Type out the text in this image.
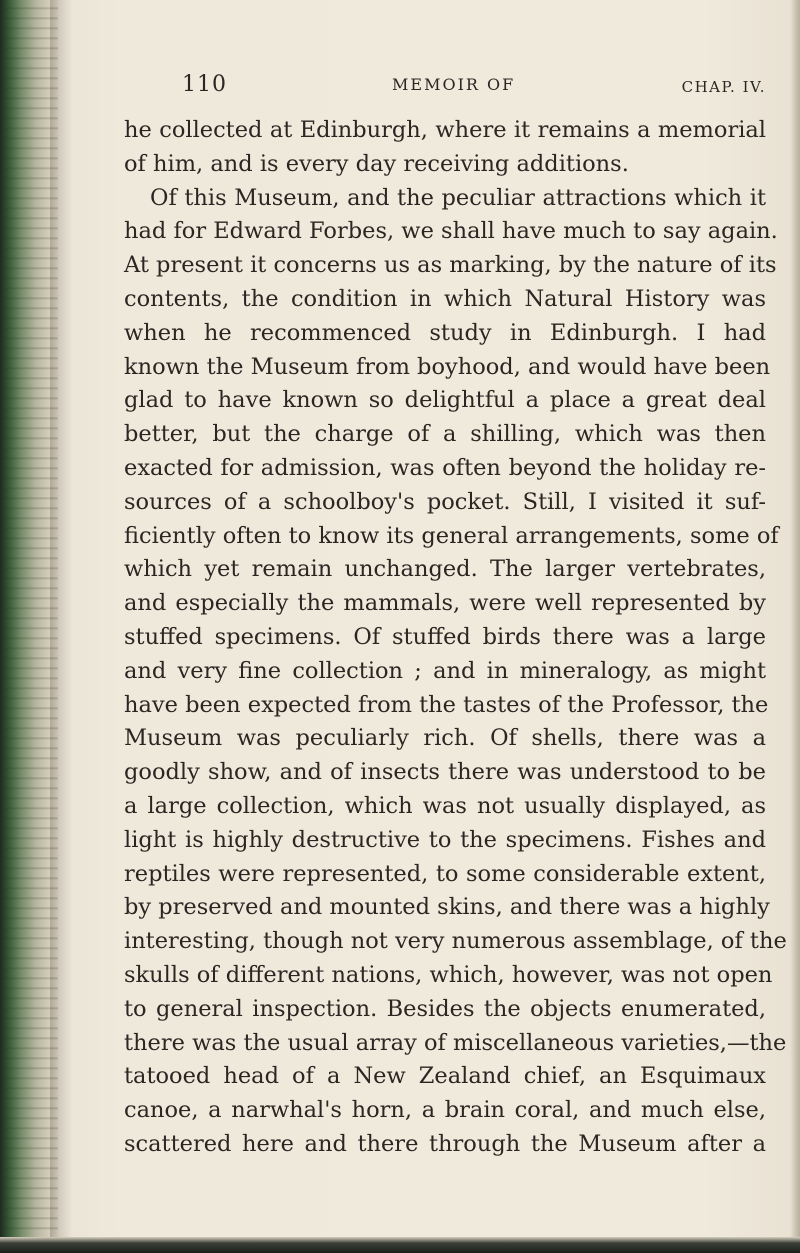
110	MEMOIR OF	CHAP. IV.
he collected at Edinburgh, where it remains a memorial
of him, and is every day receiving additions.
Of this Museum, and the peculiar attractions which it
had for Edward Forbes, we shall have much to say again.
At present it concerns us as marking, by the nature of its
contents, the condition in which Natural History was
when he recommenced study in Edinburgh. I had
known the Museum from boyhood, and would have been
glad to have known so delightful a place a great deal
better, but the charge of a shilling, which was then
exacted for admission, was often beyond the holiday re-
sources of a schoolboy's pocket. Still, I visited it suf-
ficiently often to know its general arrangements, some of
which yet remain unchanged. The larger vertebrates,
and especially the mammals, were well represented by
stuffed specimens. Of stuffed birds there was a large
and very fine collection ; and in mineralogy, as might
have been expected from the tastes of the Professor, the
Museum was peculiarly rich. Of shells, there was a
goodly show, and of insects there was understood to be
a large collection, which was not usually displayed, as
light is highly destructive to the specimens. Fishes and
reptiles were represented, to some considerable extent,
by preserved and mounted skins, and there was a highly
interesting, though not very numerous assemblage, of the
skulls of different nations, which, however, was not open
to general inspection. Besides the objects enumerated,
there was the usual array of miscellaneous varieties,—the
tatooed head of a New Zealand chief, an Esquimaux
canoe, a narwhal's horn, a brain coral, and much else,
scattered here and there through the Museum after a
